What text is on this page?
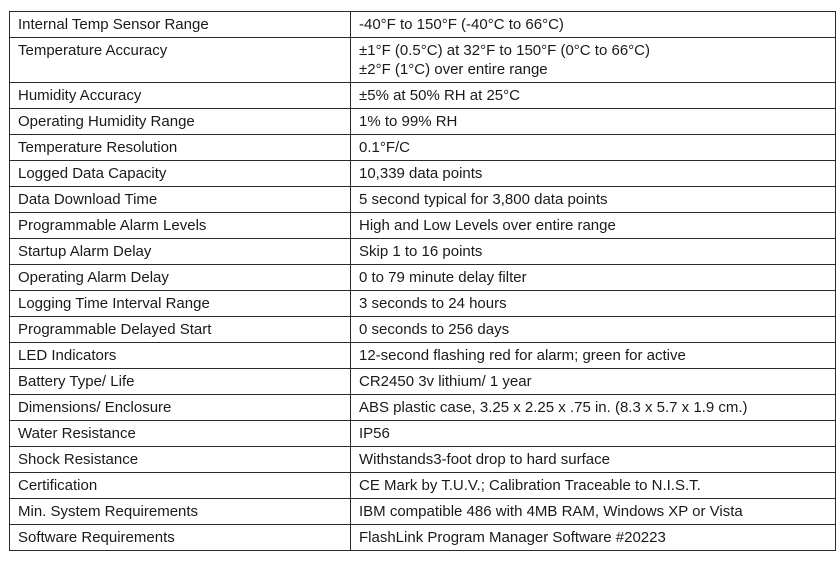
Internal Temp Sensor Range	-40°F to 150°F (-40°C to 66°C)

Temperature Accuracy	±1°F (0.5°C) at 32°F to 150°F (0°C to 66°C)
±2°F (1°C) over entire range

Humidity Accuracy	±5% at 50% RH at 25°C

Operating Humidity Range	1% to 99% RH

Temperature Resolution	0.1°F/C

Logged Data Capacity	10,339 data points

Data Download Time	5 second typical for 3,800 data points

Programmable Alarm Levels	High and Low Levels over entire range

Startup Alarm Delay	Skip 1 to 16 points

Operating Alarm Delay	0 to 79 minute delay filter

Logging Time Interval Range	3 seconds to 24 hours

Programmable Delayed Start	0 seconds to 256 days

LED Indicators	12-second flashing red for alarm; green for active

Battery Type/ Life	CR2450 3v lithium/ 1 year

Dimensions/ Enclosure	ABS plastic case, 3.25 x 2.25 x .75 in. (8.3 x 5.7 x 1.9 cm.)

Water Resistance	IP56

Shock Resistance	Withstands3-foot drop to hard surface

Certification	CE Mark by T.U.V.; Calibration Traceable to N.I.S.T.

Min. System Requirements	IBM compatible 486 with 4MB RAM, Windows XP or Vista

Software Requirements	FlashLink Program Manager Software #20223
